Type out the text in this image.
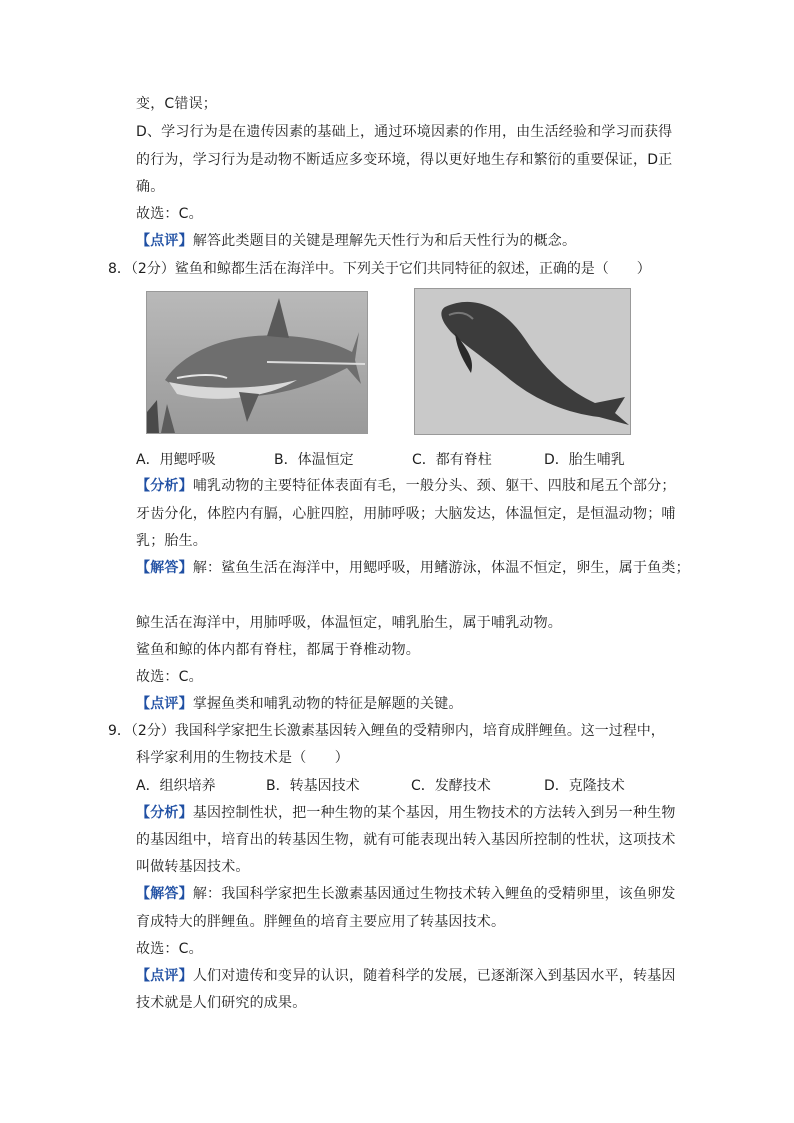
变，C错误；
D、学习行为是在遗传因素的基础上，通过环境因素的作用，由生活经验和学习而获得
的行为，学习行为是动物不断适应多变环境，得以更好地生存和繁衍的重要保证，D正
确。
故选：C。
【点评】解答此类题目的关键是理解先天性行为和后天性行为的概念。
8．（2分）鲨鱼和鲸都生活在海洋中。下列关于它们共同特征的叙述，正确的是（　　）
A．用鳃呼吸	B．体温恒定	C．都有脊柱	D．胎生哺乳
【分析】哺乳动物的主要特征体表面有毛，一般分头、颈、躯干、四肢和尾五个部分；
牙齿分化，体腔内有膈，心脏四腔，用肺呼吸；大脑发达，体温恒定，是恒温动物；哺
乳；胎生。
【解答】解：鲨鱼生活在海洋中，用鳃呼吸，用鳍游泳，体温不恒定，卵生，属于鱼类；
鲸生活在海洋中，用肺呼吸，体温恒定，哺乳胎生，属于哺乳动物。
鲨鱼和鲸的体内都有脊柱，都属于脊椎动物。
故选：C。
【点评】掌握鱼类和哺乳动物的特征是解题的关键。
9．（2分）我国科学家把生长激素基因转入鲤鱼的受精卵内，培育成胖鲤鱼。这一过程中，
科学家利用的生物技术是（　　）
A．组织培养	B．转基因技术	C．发酵技术	D．克隆技术
【分析】基因控制性状，把一种生物的某个基因，用生物技术的方法转入到另一种生物
的基因组中，培育出的转基因生物，就有可能表现出转入基因所控制的性状，这项技术
叫做转基因技术。
【解答】解：我国科学家把生长激素基因通过生物技术转入鲤鱼的受精卵里，该鱼卵发
育成特大的胖鲤鱼。胖鲤鱼的培育主要应用了转基因技术。
故选：C。
【点评】人们对遗传和变异的认识，随着科学的发展，已逐渐深入到基因水平，转基因
技术就是人们研究的成果。
